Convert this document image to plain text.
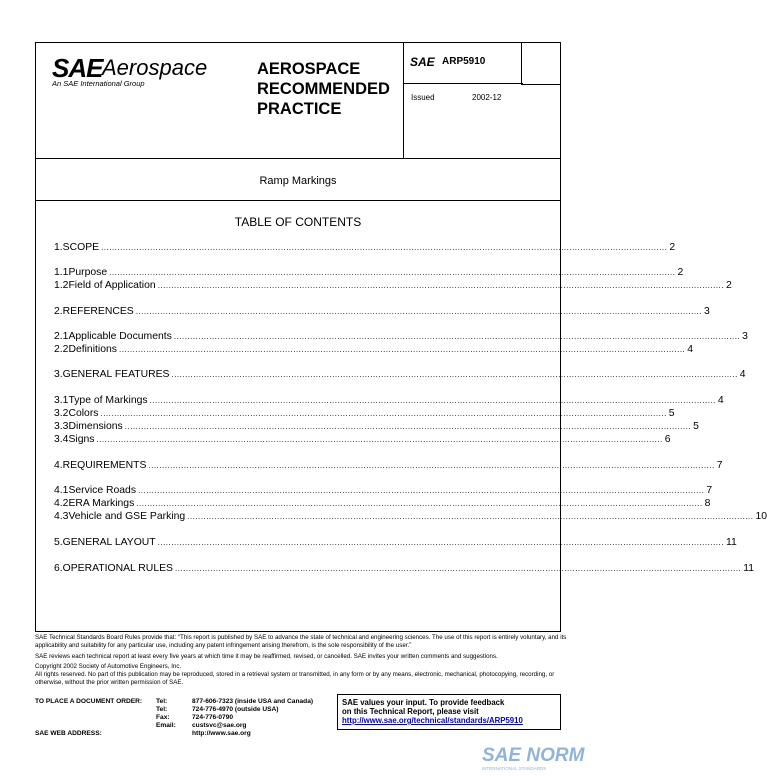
SAE Aerospace
An SAE International Group
AEROSPACE
RECOMMENDED
PRACTICE
SAE ARP5910
Issued	2002-12
Ramp Markings
TABLE OF CONTENTS
1. SCOPE ................................................................................................................................................................................................................ 2
1.1 Purpose ................................................................................................................................................................................................................ 2
1.2 Field of Application ................................................................................................................................................................................................................ 2
2. REFERENCES ................................................................................................................................................................................................................ 3
2.1 Applicable Documents ................................................................................................................................................................................................................ 3
2.2 Definitions ................................................................................................................................................................................................................ 4
3. GENERAL FEATURES ................................................................................................................................................................................................................ 4
3.1 Type of Markings ................................................................................................................................................................................................................ 4
3.2 Colors ................................................................................................................................................................................................................ 5
3.3 Dimensions ................................................................................................................................................................................................................ 5
3.4 Signs ................................................................................................................................................................................................................ 6
4. REQUIREMENTS ................................................................................................................................................................................................................ 7
4.1 Service Roads ................................................................................................................................................................................................................ 7
4.2 ERA Markings ................................................................................................................................................................................................................ 8
4.3 Vehicle and GSE Parking ................................................................................................................................................................................................................ 10
5. GENERAL LAYOUT ................................................................................................................................................................................................................ 11
6. OPERATIONAL RULES ................................................................................................................................................................................................................ 11

SAE Technical Standards Board Rules provide that: “This report is published by SAE to advance the state of technical and engineering sciences. The use of this report is entirely voluntary, and its applicability and suitability for any particular use, including any patent infringement arising therefrom, is the sole responsibility of the user.”

SAE reviews each technical report at least every five years at which time it may be reaffirmed, revised, or cancelled. SAE invites your written comments and suggestions.

Copyright 2002 Society of Automotive Engineers, Inc.

All rights reserved. No part of this publication may be reproduced, stored in a retrieval system or transmitted, in any form or by any means, electronic, mechanical, photocopying, recording, or otherwise, without the prior written permission of SAE.

TO PLACE A DOCUMENT ORDER: Tel:	877-606-7323 (inside USA and Canada)
Tel:	724-776-4970 (outside USA)
Fax:	724-776-0790
Email: custsvc@sae.org
SAE WEB ADDRESS:	http://www.sae.org
SAE values your input. To provide feedback
on this Technical Report, please visit
http://www.sae.org/technical/standards/ARP5910
SAE NORM
INTERNATIONAL STANDARDS
